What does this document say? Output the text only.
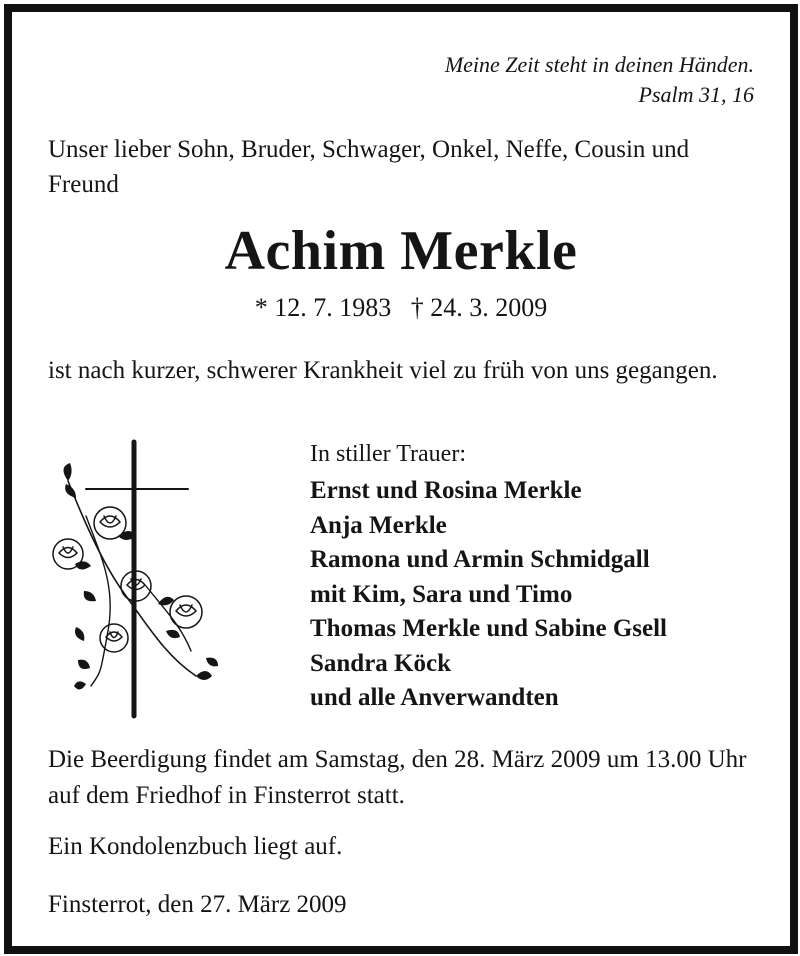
Meine Zeit steht in deinen Händen.
Psalm 31, 16
Unser lieber Sohn, Bruder, Schwager, Onkel, Neffe, Cousin und Freund
Achim Merkle
* 12. 7. 1983 † 24. 3. 2009
ist nach kurzer, schwerer Krankheit viel zu früh von uns gegangen.
In stiller Trauer:
Ernst und Rosina Merkle
Anja Merkle
Ramona und Armin Schmidgall
mit Kim, Sara und Timo
Thomas Merkle und Sabine Gsell
Sandra Köck
und alle Anverwandten
Die Beerdigung findet am Samstag, den 28. März 2009 um 13.00 Uhr auf dem Friedhof in Finsterrot statt.
Ein Kondolenzbuch liegt auf.
Finsterrot, den 27. März 2009
